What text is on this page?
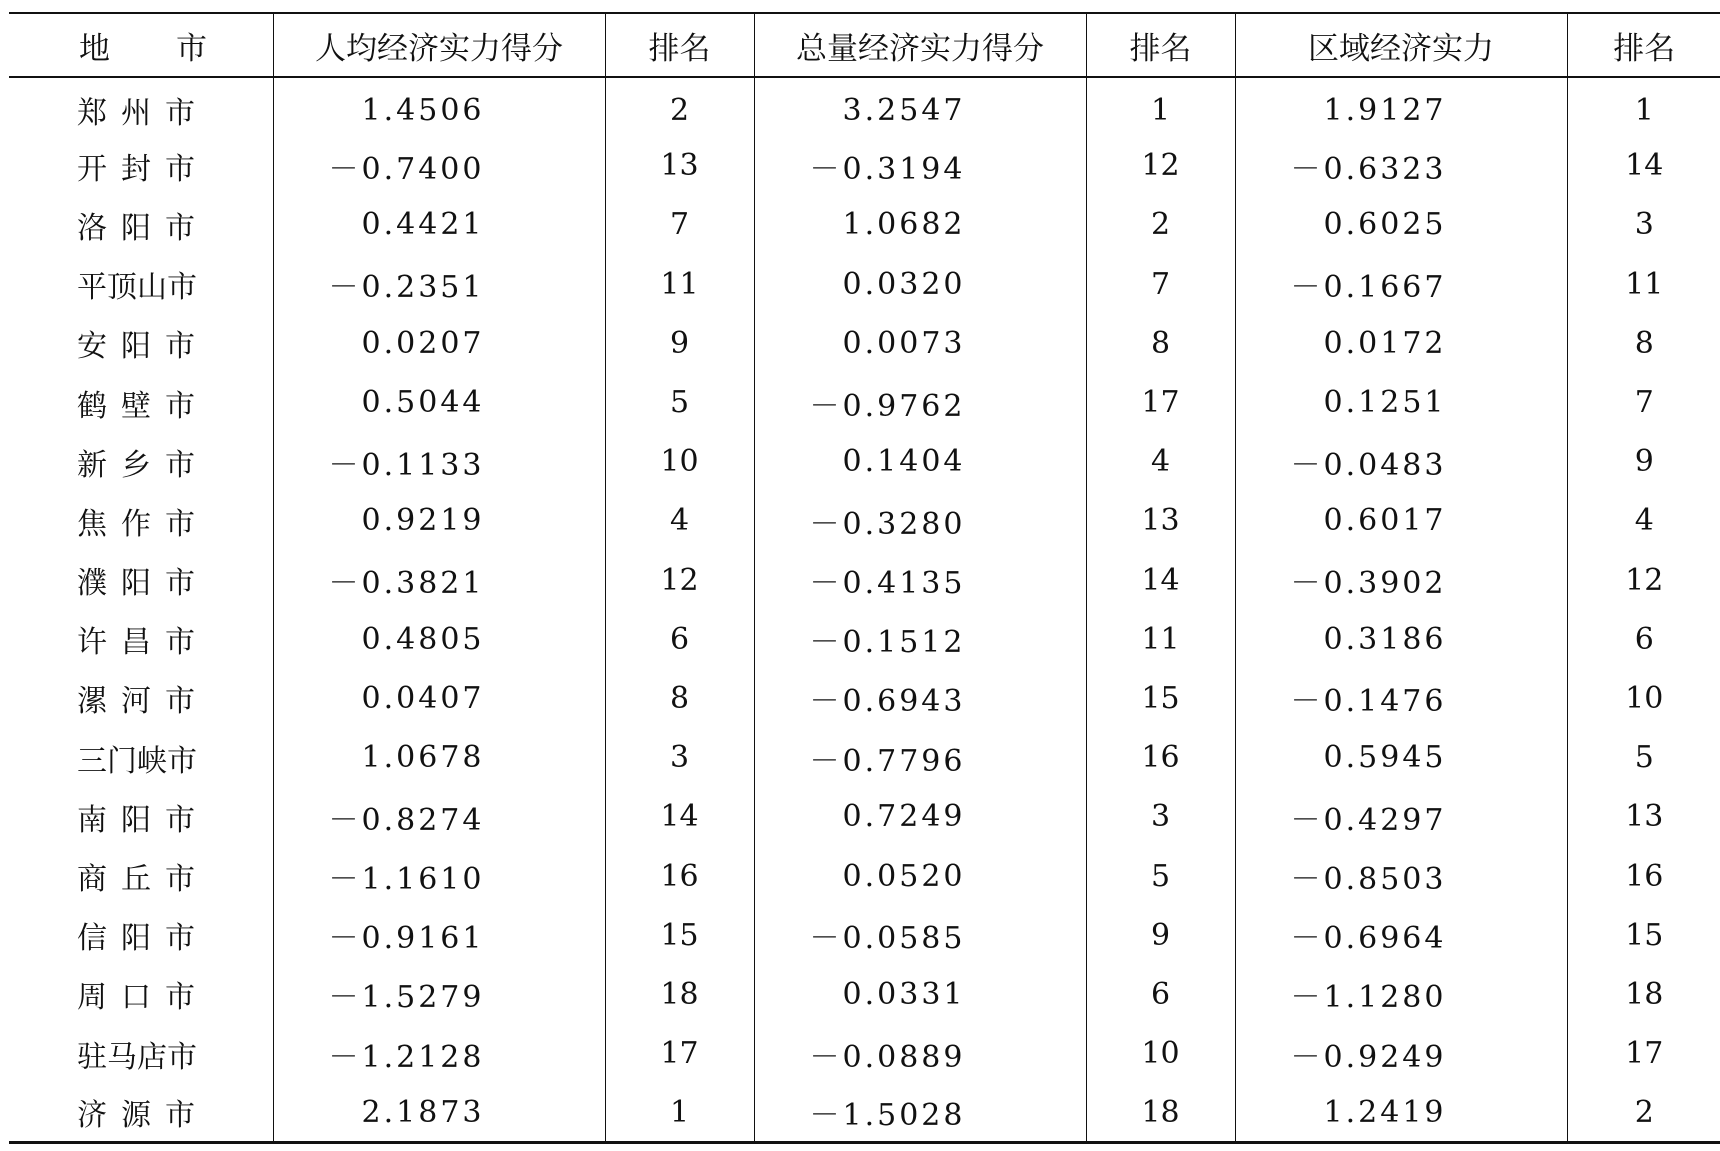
地 市	人均经济实力得分	排名	总量经济实力得分	排名	区域经济实力	排名
郑州市	1.4506	2	3.2547	1	1.9127	1
开封市	－0.7400	13	－0.3194	12	－0.6323	14
洛阳市	0.4421	7	1.0682	2	0.6025	3
平顶山市	－0.2351	11	0.0320	7	－0.1667	11
安阳市	0.0207	9	0.0073	8	0.0172	8
鹤壁市	0.5044	5	－0.9762	17	0.1251	7
新乡市	－0.1133	10	0.1404	4	－0.0483	9
焦作市	0.9219	4	－0.3280	13	0.6017	4
濮阳市	－0.3821	12	－0.4135	14	－0.3902	12
许昌市	0.4805	6	－0.1512	11	0.3186	6
漯河市	0.0407	8	－0.6943	15	－0.1476	10
三门峡市	1.0678	3	－0.7796	16	0.5945	5
南阳市	－0.8274	14	0.7249	3	－0.4297	13
商丘市	－1.1610	16	0.0520	5	－0.8503	16
信阳市	－0.9161	15	－0.0585	9	－0.6964	15
周口市	－1.5279	18	0.0331	6	－1.1280	18
驻马店市	－1.2128	17	－0.0889	10	－0.9249	17
济源市	2.1873	1	－1.5028	18	1.2419	2
